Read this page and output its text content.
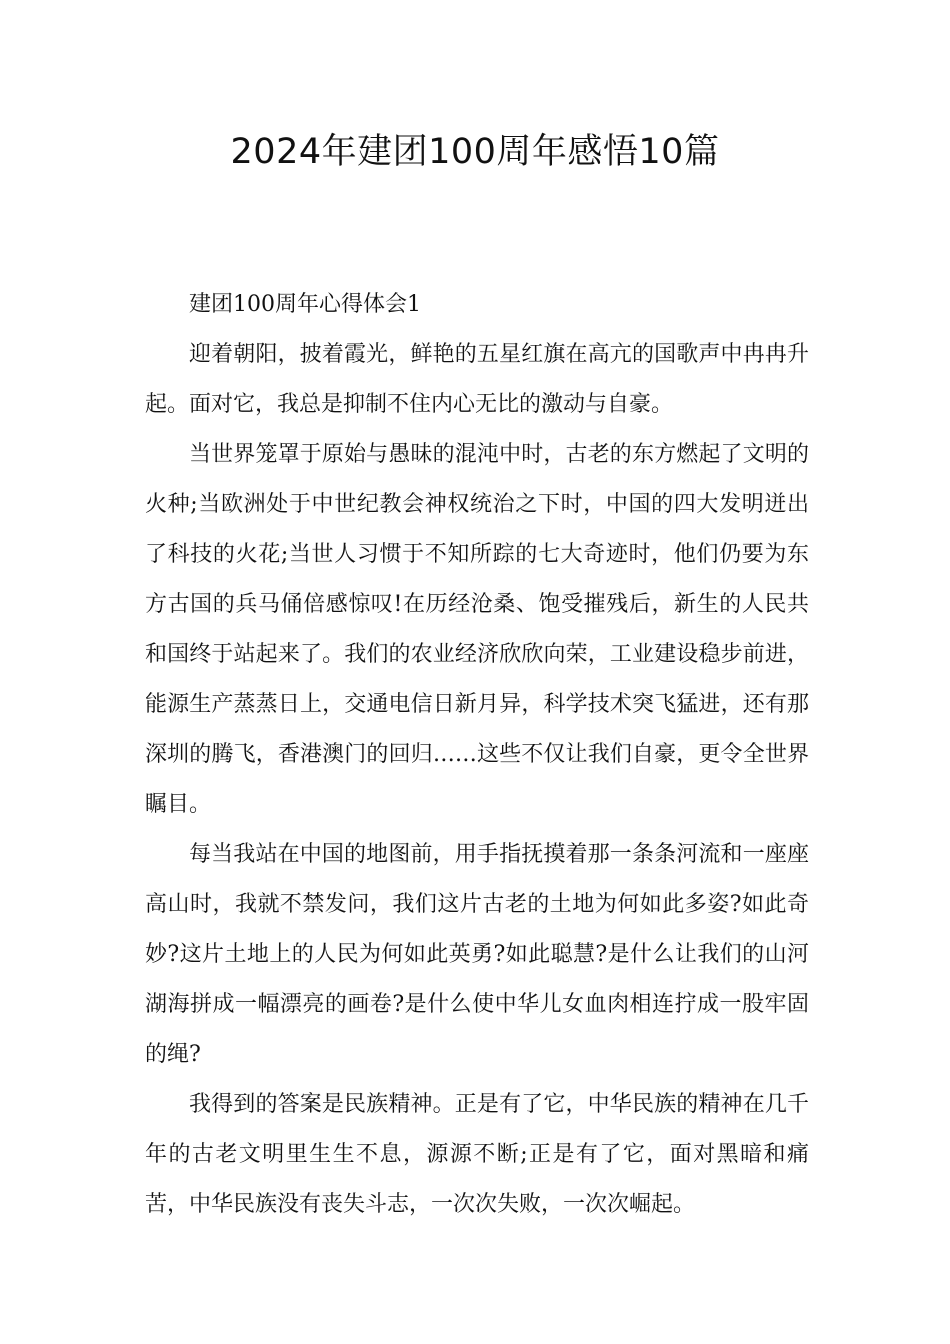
2024年建团100周年感悟10篇

建团100周年心得体会1

迎着朝阳，披着霞光，鲜艳的五星红旗在高亢的国歌声中冉冉升起。面对它，我总是抑制不住内心无比的激动与自豪。

当世界笼罩于原始与愚昧的混沌中时，古老的东方燃起了文明的火种;当欧洲处于中世纪教会神权统治之下时，中国的四大发明迸出了科技的火花;当世人习惯于不知所踪的七大奇迹时，他们仍要为东方古国的兵马俑倍感惊叹!在历经沧桑、饱受摧残后，新生的人民共和国终于站起来了。我们的农业经济欣欣向荣，工业建设稳步前进，能源生产蒸蒸日上，交通电信日新月异，科学技术突飞猛进，还有那深圳的腾飞，香港澳门的回归……这些不仅让我们自豪，更令全世界瞩目。

每当我站在中国的地图前，用手指抚摸着那一条条河流和一座座高山时，我就不禁发问，我们这片古老的土地为何如此多姿?如此奇妙?这片土地上的人民为何如此英勇?如此聪慧?是什么让我们的山河湖海拼成一幅漂亮的画卷?是什么使中华儿女血肉相连拧成一股牢固的绳?

我得到的答案是民族精神。正是有了它，中华民族的精神在几千年的古老文明里生生不息，源源不断;正是有了它，面对黑暗和痛苦，中华民族没有丧失斗志，一次次失败，一次次崛起。
